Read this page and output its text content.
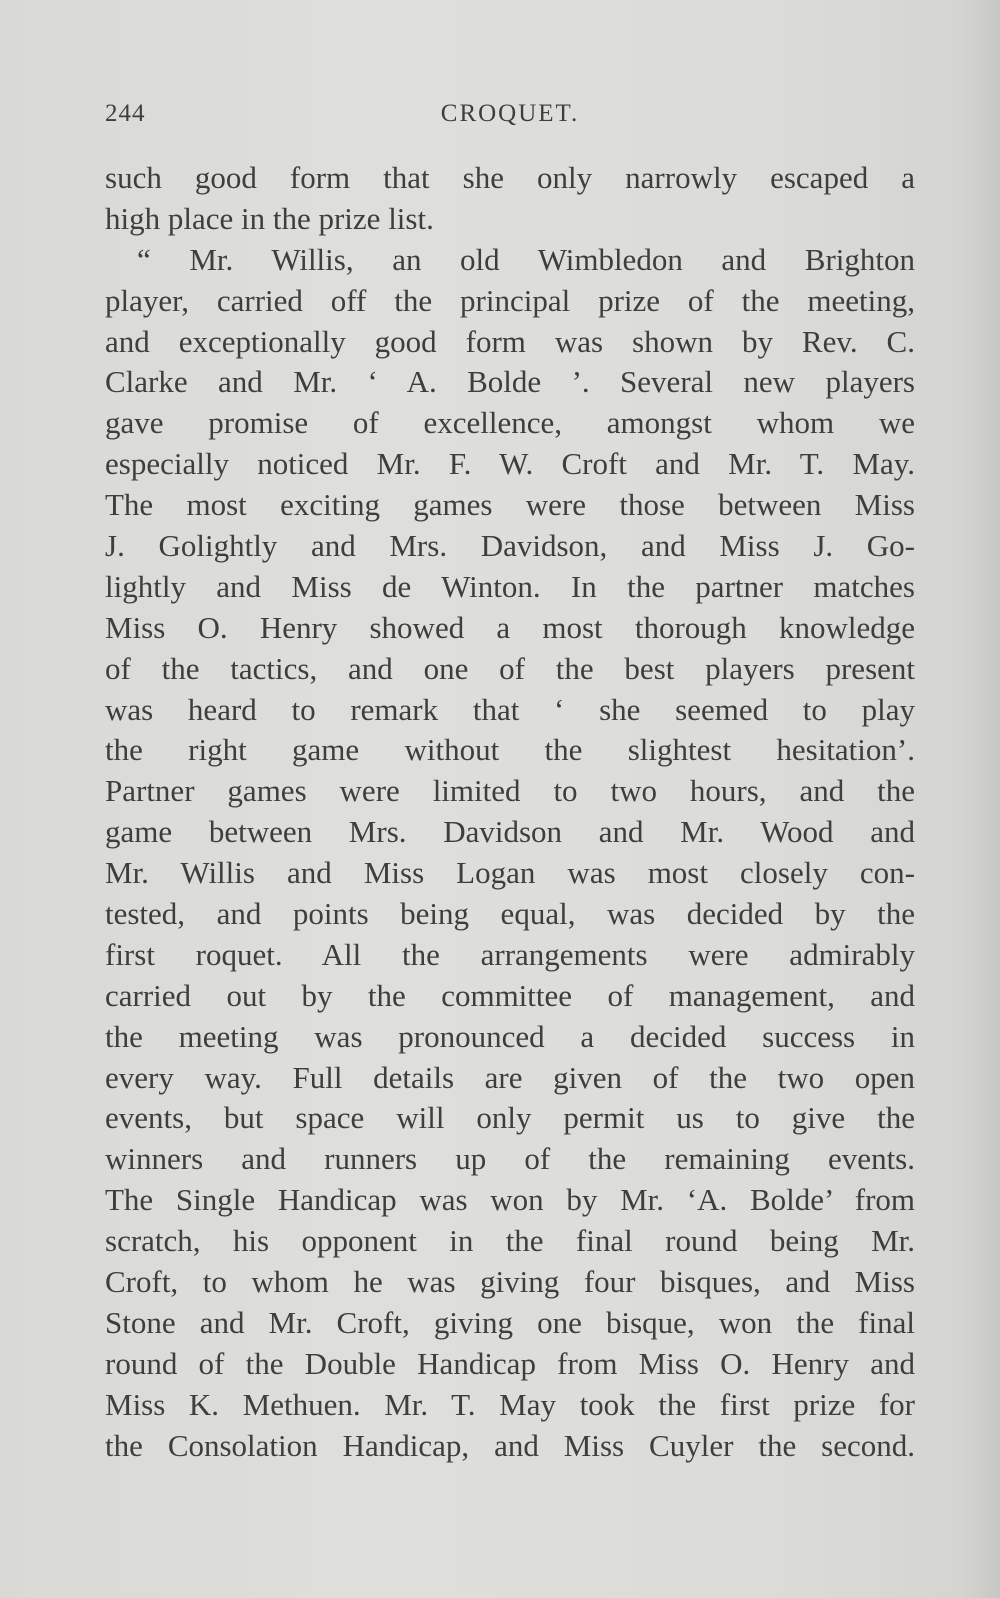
244	CROQUET.
such good form that she only narrowly escaped a
high place in the prize list.
“ Mr. Willis, an old Wimbledon and Brighton
player, carried off the principal prize of the meeting,
and exceptionally good form was shown by Rev. C.
Clarke and Mr. ‘ A. Bolde ’. Several new players
gave promise of excellence, amongst whom we
especially noticed Mr. F. W. Croft and Mr. T. May.
The most exciting games were those between Miss
J. Golightly and Mrs. Davidson, and Miss J. Go-
lightly and Miss de Winton. In the partner matches
Miss O. Henry showed a most thorough knowledge
of the tactics, and one of the best players present
was heard to remark that ‘ she seemed to play
the right game without the slightest hesitation’.
Partner games were limited to two hours, and the
game between Mrs. Davidson and Mr. Wood and
Mr. Willis and Miss Logan was most closely con-
tested, and points being equal, was decided by the
first roquet. All the arrangements were admirably
carried out by the committee of management, and
the meeting was pronounced a decided success in
every way. Full details are given of the two open
events, but space will only permit us to give the
winners and runners up of the remaining events.
The Single Handicap was won by Mr. ‘A. Bolde’ from
scratch, his opponent in the final round being Mr.
Croft, to whom he was giving four bisques, and Miss
Stone and Mr. Croft, giving one bisque, won the final
round of the Double Handicap from Miss O. Henry and
Miss K. Methuen. Mr. T. May took the first prize for
the Consolation Handicap, and Miss Cuyler the second.
